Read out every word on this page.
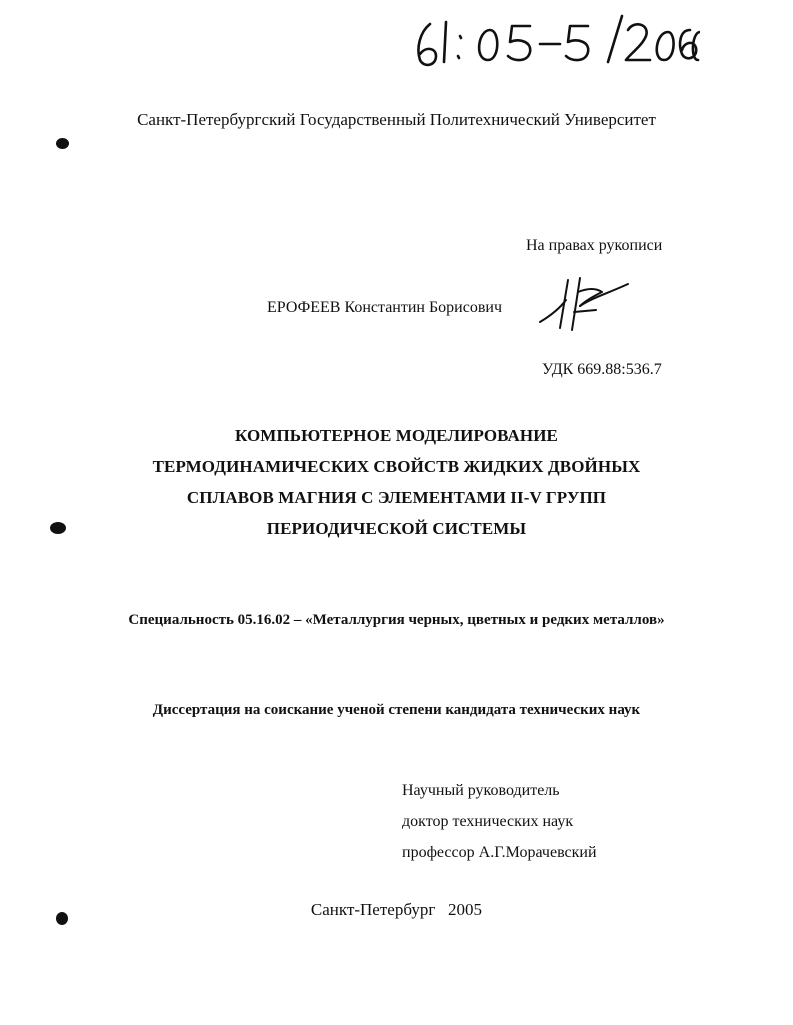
Санкт-Петербургский Государственный Политехнический Университет
На правах рукописи
ЕРОФЕЕВ Константин Борисович
УДК 669.88:536.7
КОМПЬЮТЕРНОЕ МОДЕЛИРОВАНИЕ
ТЕРМОДИНАМИЧЕСКИХ СВОЙСТВ ЖИДКИХ ДВОЙНЫХ
СПЛАВОВ МАГНИЯ С ЭЛЕМЕНТАМИ II-V ГРУПП
ПЕРИОДИЧЕСКОЙ СИСТЕМЫ
Специальность 05.16.02 – «Металлургия черных, цветных и редких металлов»
Диссертация на соискание ученой степени кандидата технических наук
Научный руководитель
доктор технических наук
профессор А.Г.Морачевский
Санкт-Петербург   2005
